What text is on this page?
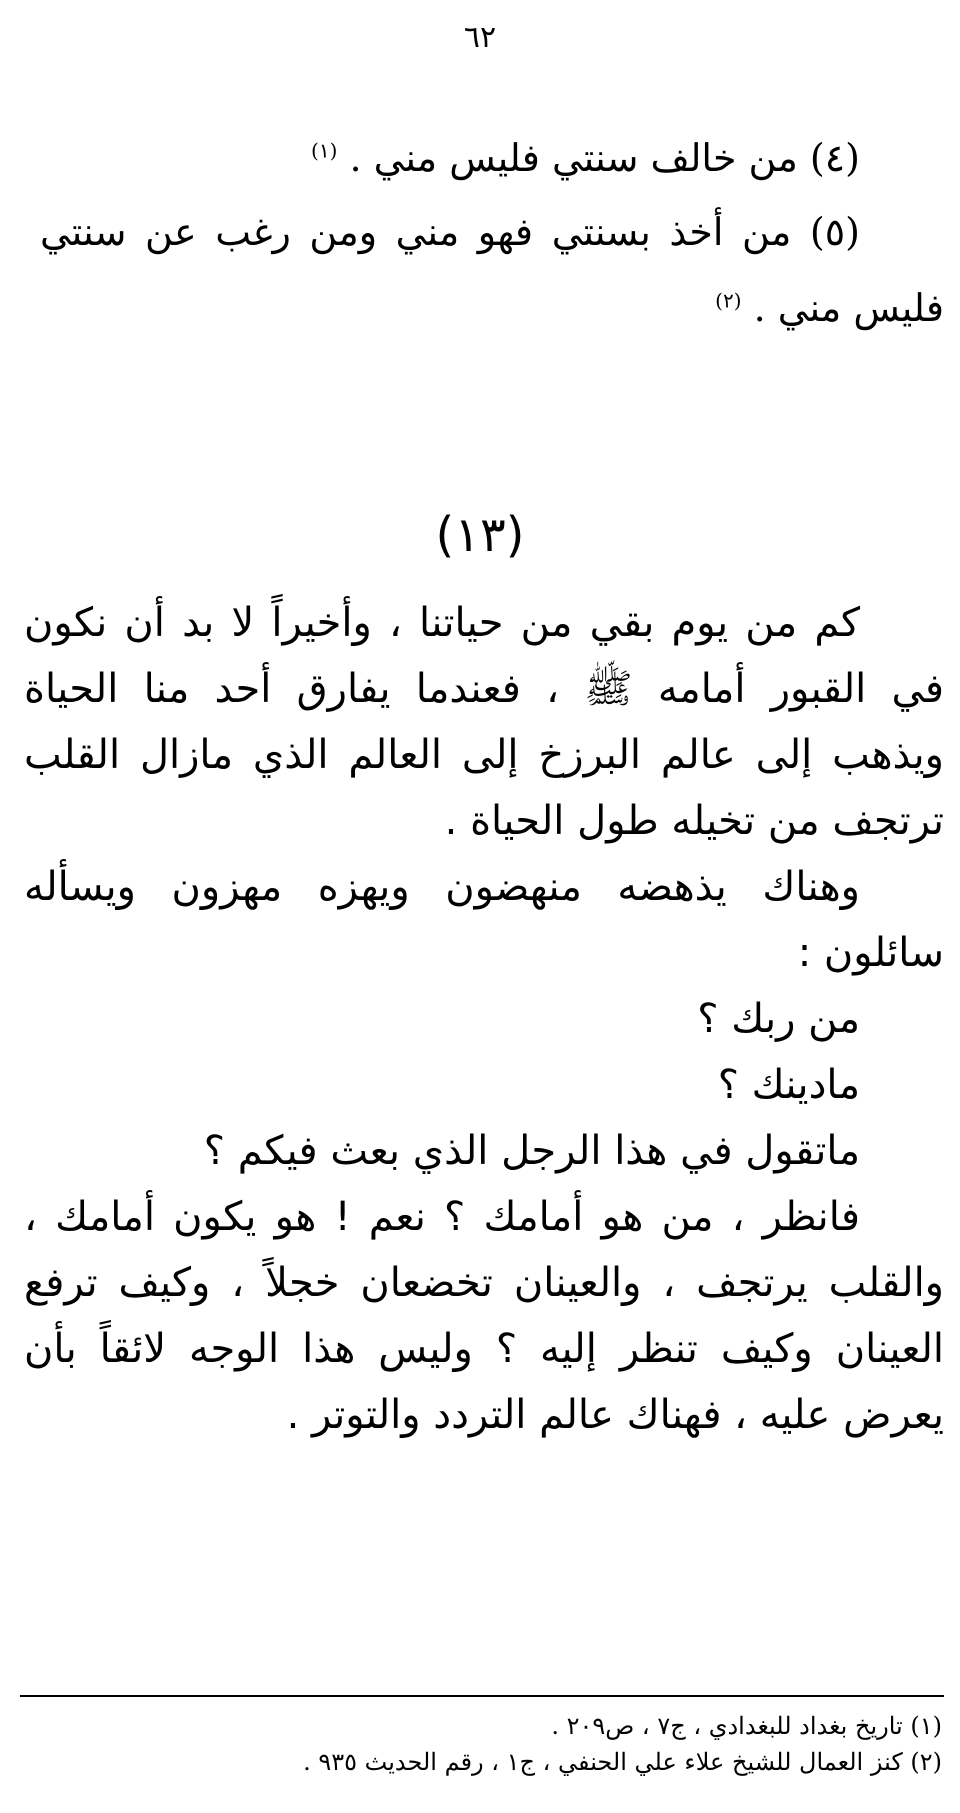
٦٢
(٤) من خالف سنتي فليس مني . $^{(١)}$
(٥) من أخذ بسنتي فهو مني ومن رغب عن سنتي
فليس مني . $^{(٢)}$
(١٣)
كم من يوم بقي من حياتنا ، وأخيراً لا بد أن نكون
في القبور أمامه ﷺ ، فعندما يفارق أحد منا الحياة
ويذهب إلى عالم البرزخ إلى العالم الذي مازال القلب
ترتجف من تخيله طول الحياة .
وهناك يذهضه منهضون ويهزه مهزون ويسأله
سائلون :
من ربك ؟
مادينك ؟
ماتقول في هذا الرجل الذي بعث فيكم ؟
فانظر ، من هو أمامك ؟ نعم ! هو يكون أمامك ،
والقلب يرتجف ، والعينان تخضعان خجلاً ، وكيف ترفع
العينان وكيف تنظر إليه ؟ وليس هذا الوجه لائقاً بأن
يعرض عليه ، فهناك عالم التردد والتوتر .
(١) تاريخ بغداد للبغدادي ، ج٧ ، ص٢٠٩ .
(٢) كنز العمال للشيخ علاء علي الحنفي ، ج١ ، رقم الحديث ٩٣٥ .
